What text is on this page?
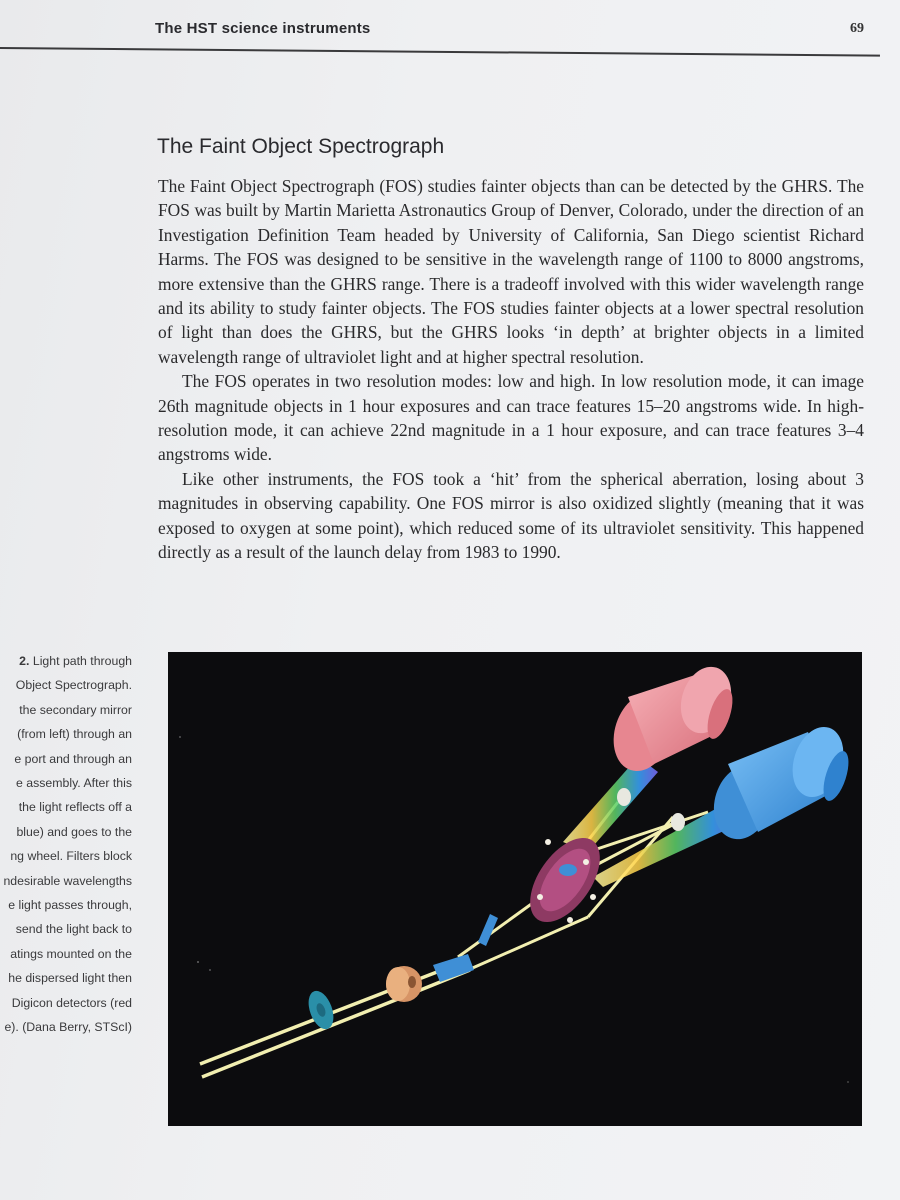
The HST science instruments	69
The Faint Object Spectrograph

The Faint Object Spectrograph (FOS) studies fainter objects than can be detected by the GHRS. The FOS was built by Martin Marietta Astronautics Group of Denver, Colorado, under the direction of an Investigation Definition Team headed by University of California, San Diego scientist Richard Harms. The FOS was designed to be sensitive in the wavelength range of 1100 to 8000 angstroms, more extensive than the GHRS range. There is a tradeoff involved with this wider wavelength range and its ability to study fainter objects. The FOS studies fainter objects at a lower spectral resolution of light than does the GHRS, but the GHRS looks ‘in depth’ at brighter objects in a limited wavelength range of ultraviolet light and at higher spectral resolution.

The FOS operates in two resolution modes: low and high. In low resolution mode, it can image 26th magnitude objects in 1 hour exposures and can trace features 15–20 angstroms wide. In high-resolution mode, it can achieve 22nd magnitude in a 1 hour exposure, and can trace features 3–4 angstroms wide.

Like other instruments, the FOS took a ‘hit’ from the spherical aberration, losing about 3 magnitudes in observing capability. One FOS mirror is also oxidized slightly (meaning that it was exposed to oxygen at some point), which reduced some of its ultraviolet sensitivity. This happened directly as a result of the launch delay from 1983 to 1990.

2. Light path through
Object Spectrograph.
the secondary mirror
(from left) through an
e port and through an
e assembly. After this
the light reflects off a
blue) and goes to the
ng wheel. Filters block
ndesirable wavelengths
e light passes through,
send the light back to
atings mounted on the
he dispersed light then
Digicon detectors (red
e). (Dana Berry, STScI)
